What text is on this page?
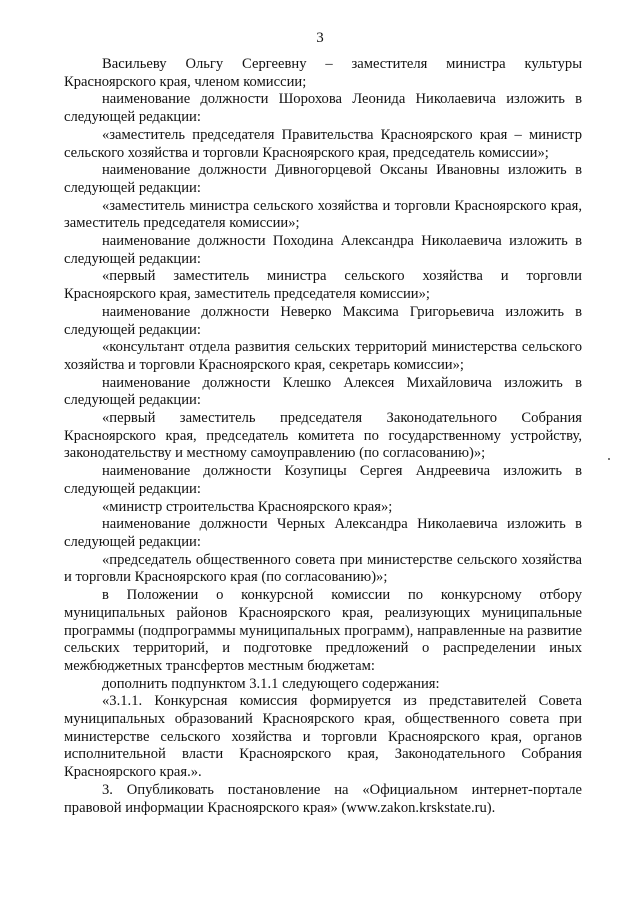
3

Васильеву Ольгу Сергеевну – заместителя министра культуры Красноярского края, членом комиссии;

наименование должности Шорохова Леонида Николаевича изложить в следующей редакции:

«заместитель председателя Правительства Красноярского края – министр сельского хозяйства и торговли Красноярского края, председатель комиссии»;

наименование должности Дивногорцевой Оксаны Ивановны изложить в следующей редакции:

«заместитель министра сельского хозяйства и торговли Красноярского края, заместитель председателя комиссии»;

наименование должности Походина Александра Николаевича изложить в следующей редакции:

«первый заместитель министра сельского хозяйства и торговли Красноярского края, заместитель председателя комиссии»;

наименование должности Неверко Максима Григорьевича изложить в следующей редакции:

«консультант отдела развития сельских территорий министерства сельского хозяйства и торговли Красноярского края, секретарь комиссии»;

наименование должности Клешко Алексея Михайловича изложить в следующей редакции:

«первый заместитель председателя Законодательного Собрания Красноярского края, председатель комитета по государственному устройству, законодательству и местному самоуправлению (по согласованию)»;

наименование должности Козупицы Сергея Андреевича изложить в следующей редакции:

«министр строительства Красноярского края»;

наименование должности Черных Александра Николаевича изложить в следующей редакции:

«председатель общественного совета при министерстве сельского хозяйства и торговли Красноярского края (по согласованию)»;

в Положении о конкурсной комиссии по конкурсному отбору муниципальных районов Красноярского края, реализующих муниципальные программы (подпрограммы муниципальных программ), направленные на развитие сельских территорий, и подготовке предложений о распределении иных межбюджетных трансфертов местным бюджетам:

дополнить подпунктом 3.1.1 следующего содержания:

«3.1.1. Конкурсная комиссия формируется из представителей Совета муниципальных образований Красноярского края, общественного совета при министерстве сельского хозяйства и торговли Красноярского края, органов исполнительной власти Красноярского края, Законодательного Собрания Красноярского края.».

3. Опубликовать постановление на «Официальном интернет-портале правовой информации Красноярского края» (www.zakon.krskstate.ru).
